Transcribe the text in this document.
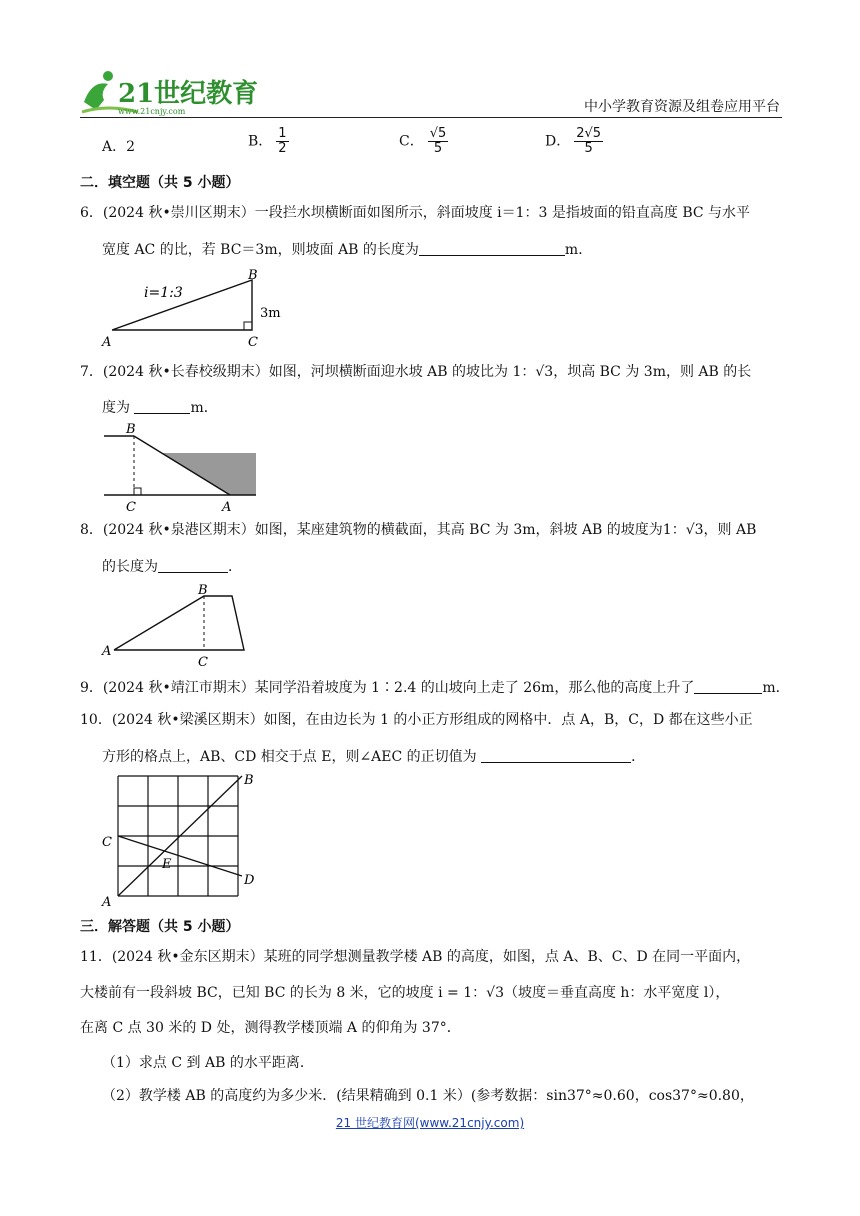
21世纪教育
www.21cnjy.com	中小学教育资源及组卷应用平台
A．2	B． $\frac{1}{2}$	C． $\frac{√5}{5}$	D． $\frac{2√5}{5}$
二．填空题（共 5 小题）
6．(2024 秋•崇川区期末）一段拦水坝横断面如图所示，斜面坡度 i＝1：3 是指坡面的铅直高度 BC 与水平
宽度 AC 的比，若 BC＝3m，则坡面 AB 的长度为	m．
i=1:3
3m
A
B
C
7．(2024 秋•长春校级期末）如图，河坝横断面迎水坡 AB 的坡比为 1：√3，坝高 BC 为 3m，则 AB 的长
度为	m．
B
C	A
8．(2024 秋•泉港区期末）如图，某座建筑物的横截面，其高 BC 为 3m，斜坡 AB 的坡度为1：√3，则 AB
的长度为	．
B
A
C
9．(2024 秋•靖江市期末）某同学沿着坡度为 1∶2.4 的山坡向上走了 26m，那么他的高度上升了	m．
10．(2024 秋•梁溪区期末）如图，在由边长为 1 的小正方形组成的网格中．点 A，B，C，D 都在这些小正
方形的格点上，AB、CD 相交于点 E，则∠AEC 的正切值为	．
B
C
E
D
A
三．解答题（共 5 小题）
11．(2024 秋•金东区期末）某班的同学想测量教学楼 AB 的高度，如图，点 A、B、C、D 在同一平面内，
大楼前有一段斜坡 BC，已知 BC 的长为 8 米，它的坡度 i = 1：√3（坡度＝垂直高度 h：水平宽度 l），
在离 C 点 30 米的 D 处，测得教学楼顶端 A 的仰角为 37°．
（1）求点 C 到 AB 的水平距离．
（2）教学楼 AB 的高度约为多少米．(结果精确到 0.1 米）(参考数据：sin37°≈0.60，cos37°≈0.80，
21 世纪教育网(www.21cnjy.com)
